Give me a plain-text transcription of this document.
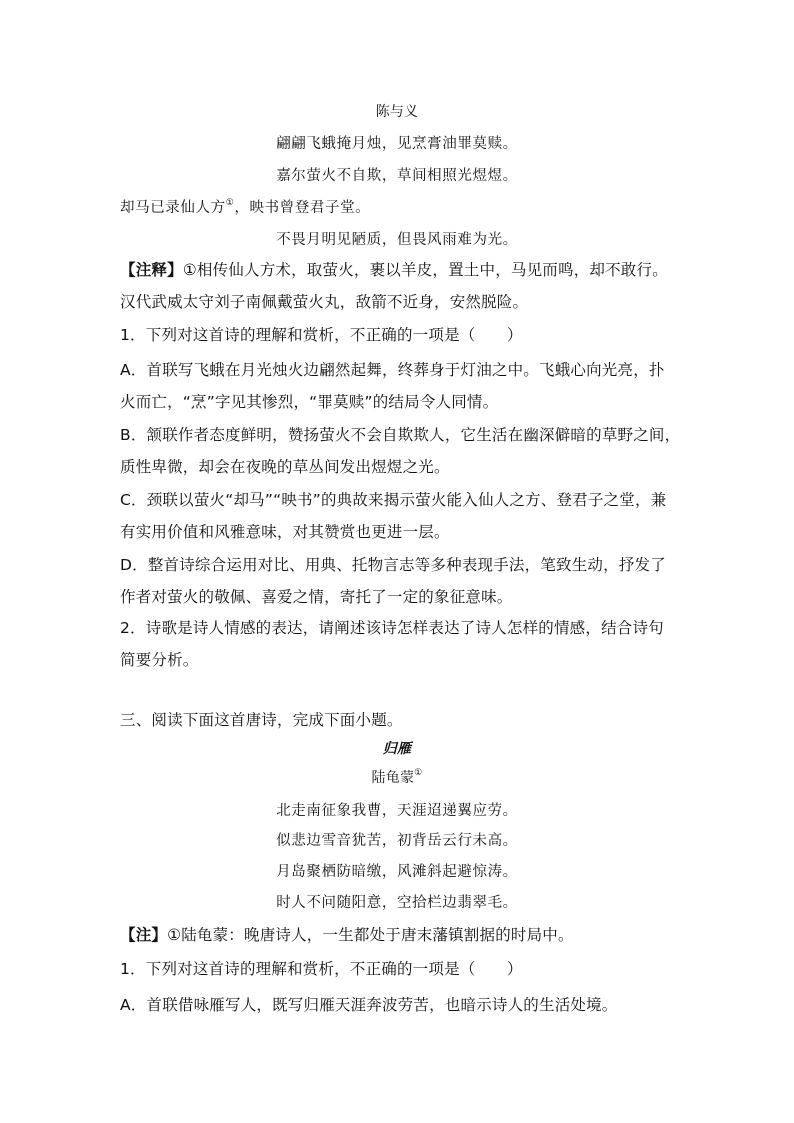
陈与义
翩翩飞蛾掩月烛，见烹膏油罪莫赎。
嘉尔萤火不自欺，草间相照光煜煜。
却马已录仙人方①，映书曾登君子堂。
不畏月明见陋质，但畏风雨难为光。
【注释】①相传仙人方术，取萤火，裹以羊皮，置土中，马见而鸣，却不敢行。
汉代武威太守刘子南佩戴萤火丸，敌箭不近身，安然脱险。
1．下列对这首诗的理解和赏析，不正确的一项是（　　）
A．首联写飞蛾在月光烛火边翩然起舞，终葬身于灯油之中。飞蛾心向光亮，扑
火而亡，“烹”字见其惨烈，“罪莫赎”的结局令人同情。
B．颔联作者态度鲜明，赞扬萤火不会自欺欺人，它生活在幽深僻暗的草野之间，
质性卑微，却会在夜晚的草丛间发出煜煜之光。
C．颈联以萤火“却马”“映书”的典故来揭示萤火能入仙人之方、登君子之堂，兼
有实用价值和风雅意味，对其赞赏也更进一层。
D．整首诗综合运用对比、用典、托物言志等多种表现手法，笔致生动，抒发了
作者对萤火的敬佩、喜爱之情，寄托了一定的象征意味。
2．诗歌是诗人情感的表达，请阐述该诗怎样表达了诗人怎样的情感，结合诗句
简要分析。
三、阅读下面这首唐诗，完成下面小题。
归雁
陆龟蒙①
北走南征象我曹，天涯迢递翼应劳。
似悲边雪音犹苦，初背岳云行未高。
月岛聚栖防暗缴，风滩斜起避惊涛。
时人不问随阳意，空拾栏边翡翠毛。
【注】①陆龟蒙：晚唐诗人，一生都处于唐末藩镇割据的时局中。
1．下列对这首诗的理解和赏析，不正确的一项是（　　）
A．首联借咏雁写人，既写归雁天涯奔波劳苦，也暗示诗人的生活处境。
